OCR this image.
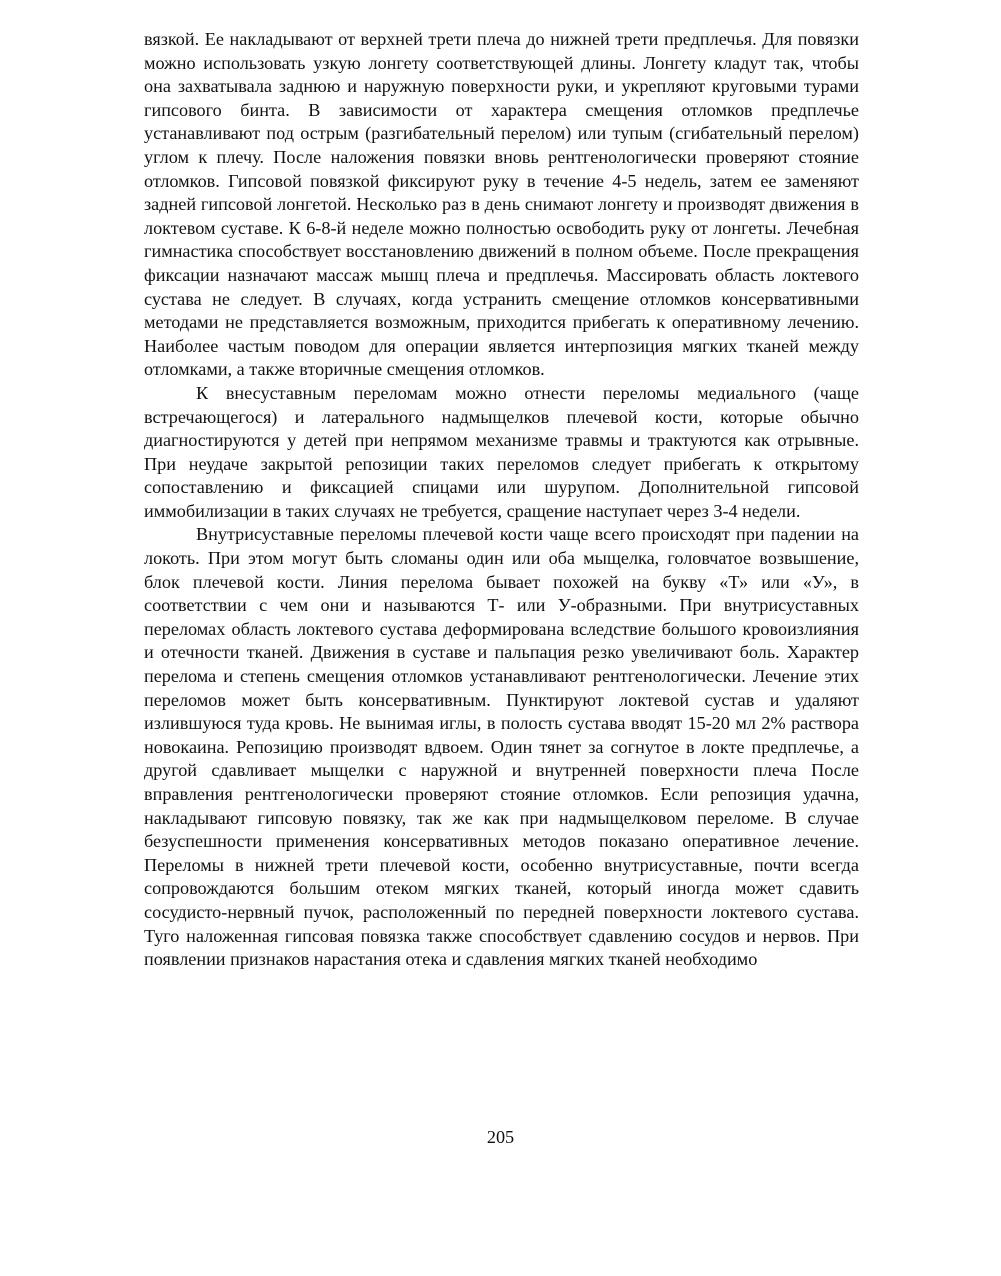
вязкой. Ее накладывают от верхней трети плеча до нижней трети предплечья. Для повязки можно использовать узкую лонгету соответствующей длины. Лонгету кладут так, чтобы она захватывала заднюю и наружную поверхности руки, и укрепляют круговыми турами гипсового бинта. В зависимости от характера смещения отломков предплечье устанавливают под острым (разгибательный перелом) или тупым (сгибательный перелом) углом к плечу. После наложения повязки вновь рентгенологически проверяют стояние отломков. Гипсовой повязкой фиксируют руку в течение 4-5 недель, затем ее заменяют задней гипсовой лонгетой. Несколько раз в день снимают лонгету и производят движения в локтевом суставе. К 6-8-й неделе можно полностью освободить руку от лонгеты. Лечебная гимнастика способствует восстановлению движений в полном объеме. После прекращения фиксации назначают массаж мышц плеча и предплечья. Массировать область локтевого сустава не следует. В случаях, когда устранить смещение отломков консервативными методами не представляется возможным, приходится прибегать к оперативному лечению. Наиболее частым поводом для операции является интерпозиция мягких тканей между отломками, а также вторичные смещения отломков.

К внесуставным переломам можно отнести переломы медиального (чаще встречающегося) и латерального надмыщелков плечевой кости, которые обычно диагностируются у детей при непрямом механизме травмы и трактуются как отрывные. При неудаче закрытой репозиции таких переломов следует прибегать к открытому сопоставлению и фиксацией спицами или шурупом. Дополнительной гипсовой иммобилизации в таких случаях не требуется, сращение наступает через 3-4 недели.

Внутрисуставные переломы плечевой кости чаще всего происходят при падении на локоть. При этом могут быть сломаны один или оба мыщелка, головчатое возвышение, блок плечевой кости. Линия перелома бывает похожей на букву «Т» или «У», в соответствии с чем они и называются Т- или У-образными. При внутрисуставных переломах область локтевого сустава деформирована вследствие большого кровоизлияния и отечности тканей. Движения в суставе и пальпация резко увеличивают боль. Характер перелома и степень смещения отломков устанавливают рентгенологически. Лечение этих переломов может быть консервативным. Пунктируют локтевой сустав и удаляют излившуюся туда кровь. Не вынимая иглы, в полость сустава вводят 15-20 мл 2% раствора новокаина. Репозицию производят вдвоем. Один тянет за согнутое в локте предплечье, а другой сдавливает мыщелки с наружной и внутренней поверхности плеча После вправления рентгенологически проверяют стояние отломков. Если репозиция удачна, накладывают гипсовую повязку, так же как при надмыщелковом переломе. В случае безуспешности применения консервативных методов показано оперативное лечение. Переломы в нижней трети плечевой кости, особенно внутрисуставные, почти всегда сопровождаются большим отеком мягких тканей, который иногда может сдавить сосудисто-нервный пучок, расположенный по передней поверхности локтевого сустава. Туго наложенная гипсовая повязка также способствует сдавлению сосудов и нервов. При появлении признаков нарастания отека и сдавления мягких тканей необходимо

205
